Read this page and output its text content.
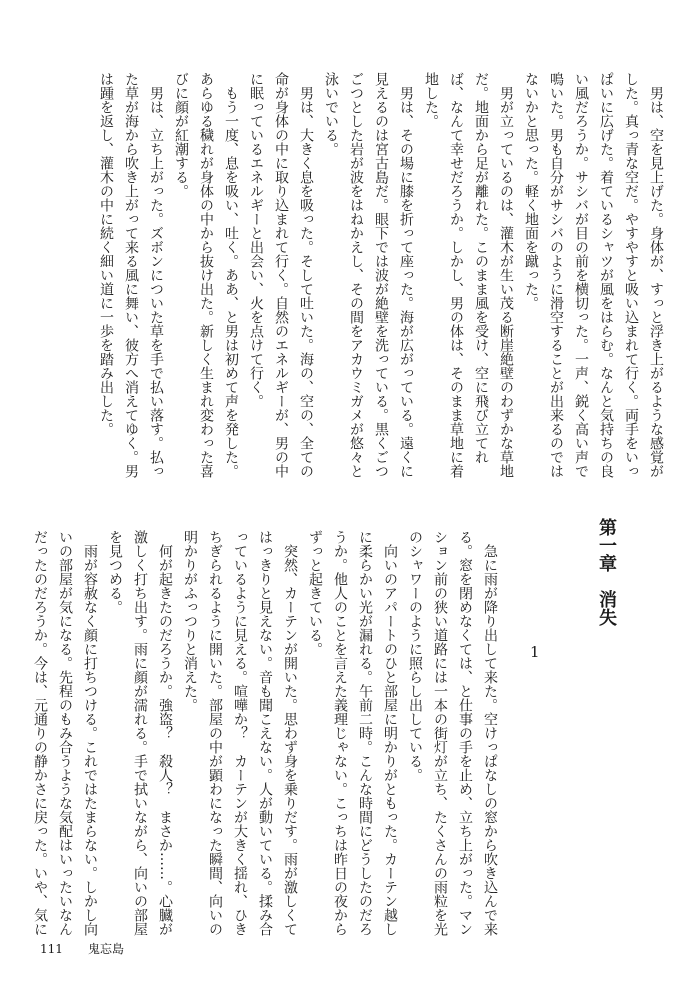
　男は、空を見上げた。身体が、すっと浮き上がるような感覚が
した。真っ青な空だ。やすやすと吸い込まれて行く。両手をいっ
ぱいに広げた。着ているシャツが風をはらむ。なんと気持ちの良
い風だろうか。サシバが目の前を横切った。一声、鋭く高い声で
鳴いた。男も自分がサシバのように滑空することが出来るのでは
ないかと思った。軽く地面を蹴った。
　男が立っているのは、灌木が生い茂る断崖絶壁のわずかな草地
だ。地面から足が離れた。このまま風を受け、空に飛び立てれ
ば、なんて幸せだろうか。しかし、男の体は、そのまま草地に着
地した。
　男は、その場に膝を折って座った。海が広がっている。遠くに
見えるのは宮古島だ。眼下では波が絶壁を洗っている。黒くごつ
ごつとした岩が波をはねかえし、その間をアカウミガメが悠々と
泳いでいる。
　男は、大きく息を吸った。そして吐いた。海の、空の、全ての
命が身体の中に取り込まれて行く。自然のエネルギーが、男の中
に眠っているエネルギーと出会い、火を点けて行く。
　もう一度、息を吸い、吐く。ああ、と男は初めて声を発した。
あらゆる穢れが身体の中から抜け出た。新しく生まれ変わった喜
びに顔が紅潮する。
　男は、立ち上がった。ズボンについた草を手で払い落す。払っ
た草が海から吹き上がって来る風に舞い、彼方へ消えてゆく。男
は踵を返し、灌木の中に続く細い道に一歩を踏み出した。
第一章　消失
1
　急に雨が降り出して来た。空けっぱなしの窓から吹き込んで来
る。窓を閉めなくては、と仕事の手を止め、立ち上がった。マン
ション前の狭い道路には一本の街灯が立ち、たくさんの雨粒を光
のシャワーのように照らし出している。
　向いのアパートのひと部屋に明かりがともった。カーテン越し
に柔らかい光が漏れる。午前二時。こんな時間にどうしたのだろ
うか。他人のことを言えた義理じゃない。こっちは昨日の夜から
ずっと起きている。
　突然、カーテンが開いた。思わず身を乗りだす。雨が激しくて
はっきりと見えない。音も聞こえない。人が動いている。揉み合
っているように見える。喧嘩か？　カーテンが大きく揺れ、ひき
ちぎられるように開いた。部屋の中が顕わになった瞬間、向いの
明かりがふっつりと消えた。
　何が起きたのだろうか。強盗？　殺人？　まさか……。心臓が
激しく打ち出す。雨に顔が濡れる。手で拭いながら、向いの部屋
を見つめる。
　雨が容赦なく顔に打ちつける。これではたまらない。しかし向
いの部屋が気になる。先程のもみ合うような気配はいったいなん
だったのだろうか。今は、元通りの静かさに戻った。いや、気に
111 鬼忘島
